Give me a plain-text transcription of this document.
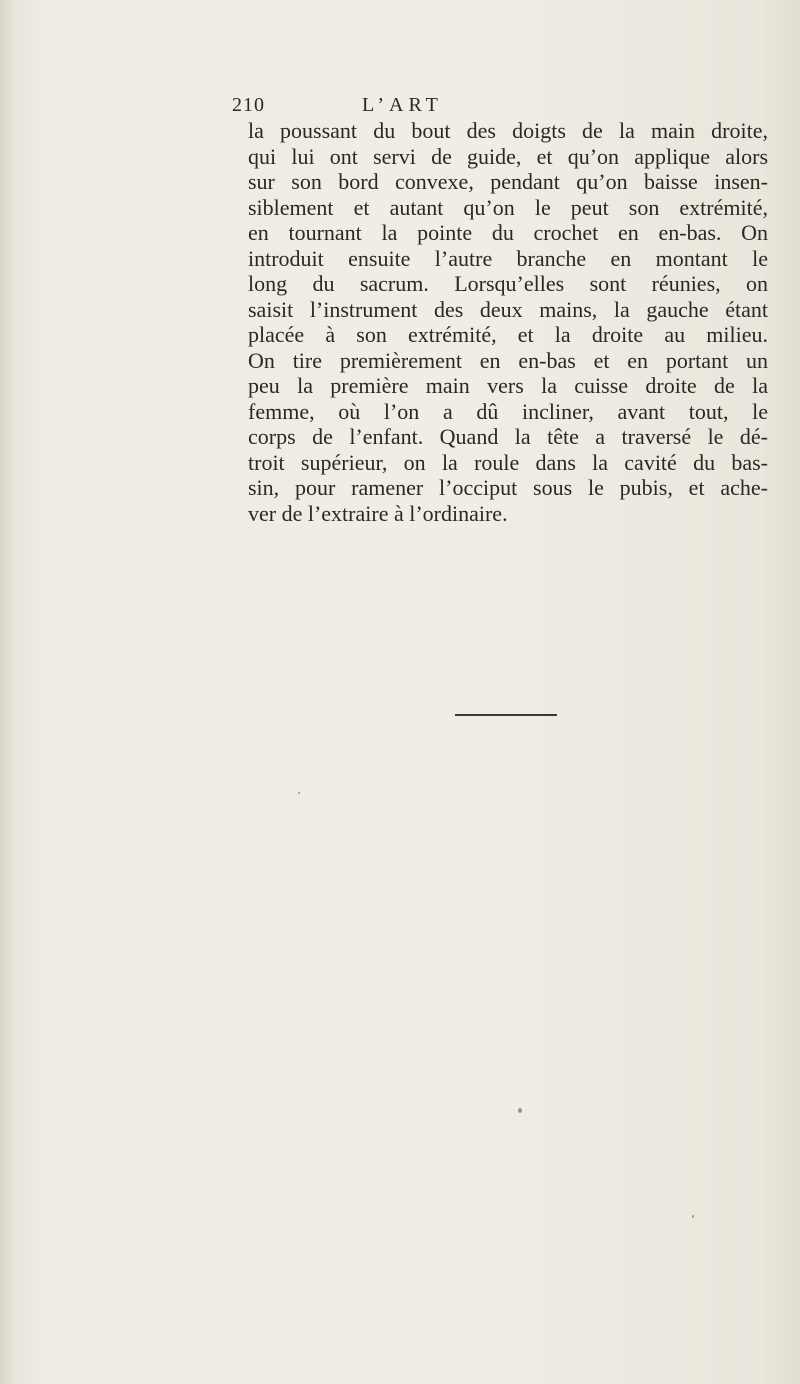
210	L’ART
la poussant du bout des doigts de la main droite,
qui lui ont servi de guide, et qu’on applique alors
sur son bord convexe, pendant qu’on baisse insen-
siblement et autant qu’on le peut son extrémité,
en tournant la pointe du crochet en en-bas. On
introduit ensuite l’autre branche en montant le
long du sacrum. Lorsqu’elles sont réunies, on
saisit l’instrument des deux mains, la gauche étant
placée à son extrémité, et la droite au milieu.
On tire premièrement en en-bas et en portant un
peu la première main vers la cuisse droite de la
femme, où l’on a dû incliner, avant tout, le
corps de l’enfant. Quand la tête a traversé le dé-
troit supérieur, on la roule dans la cavité du bas-
sin, pour ramener l’occiput sous le pubis, et ache-
ver de l’extraire à l’ordinaire.
